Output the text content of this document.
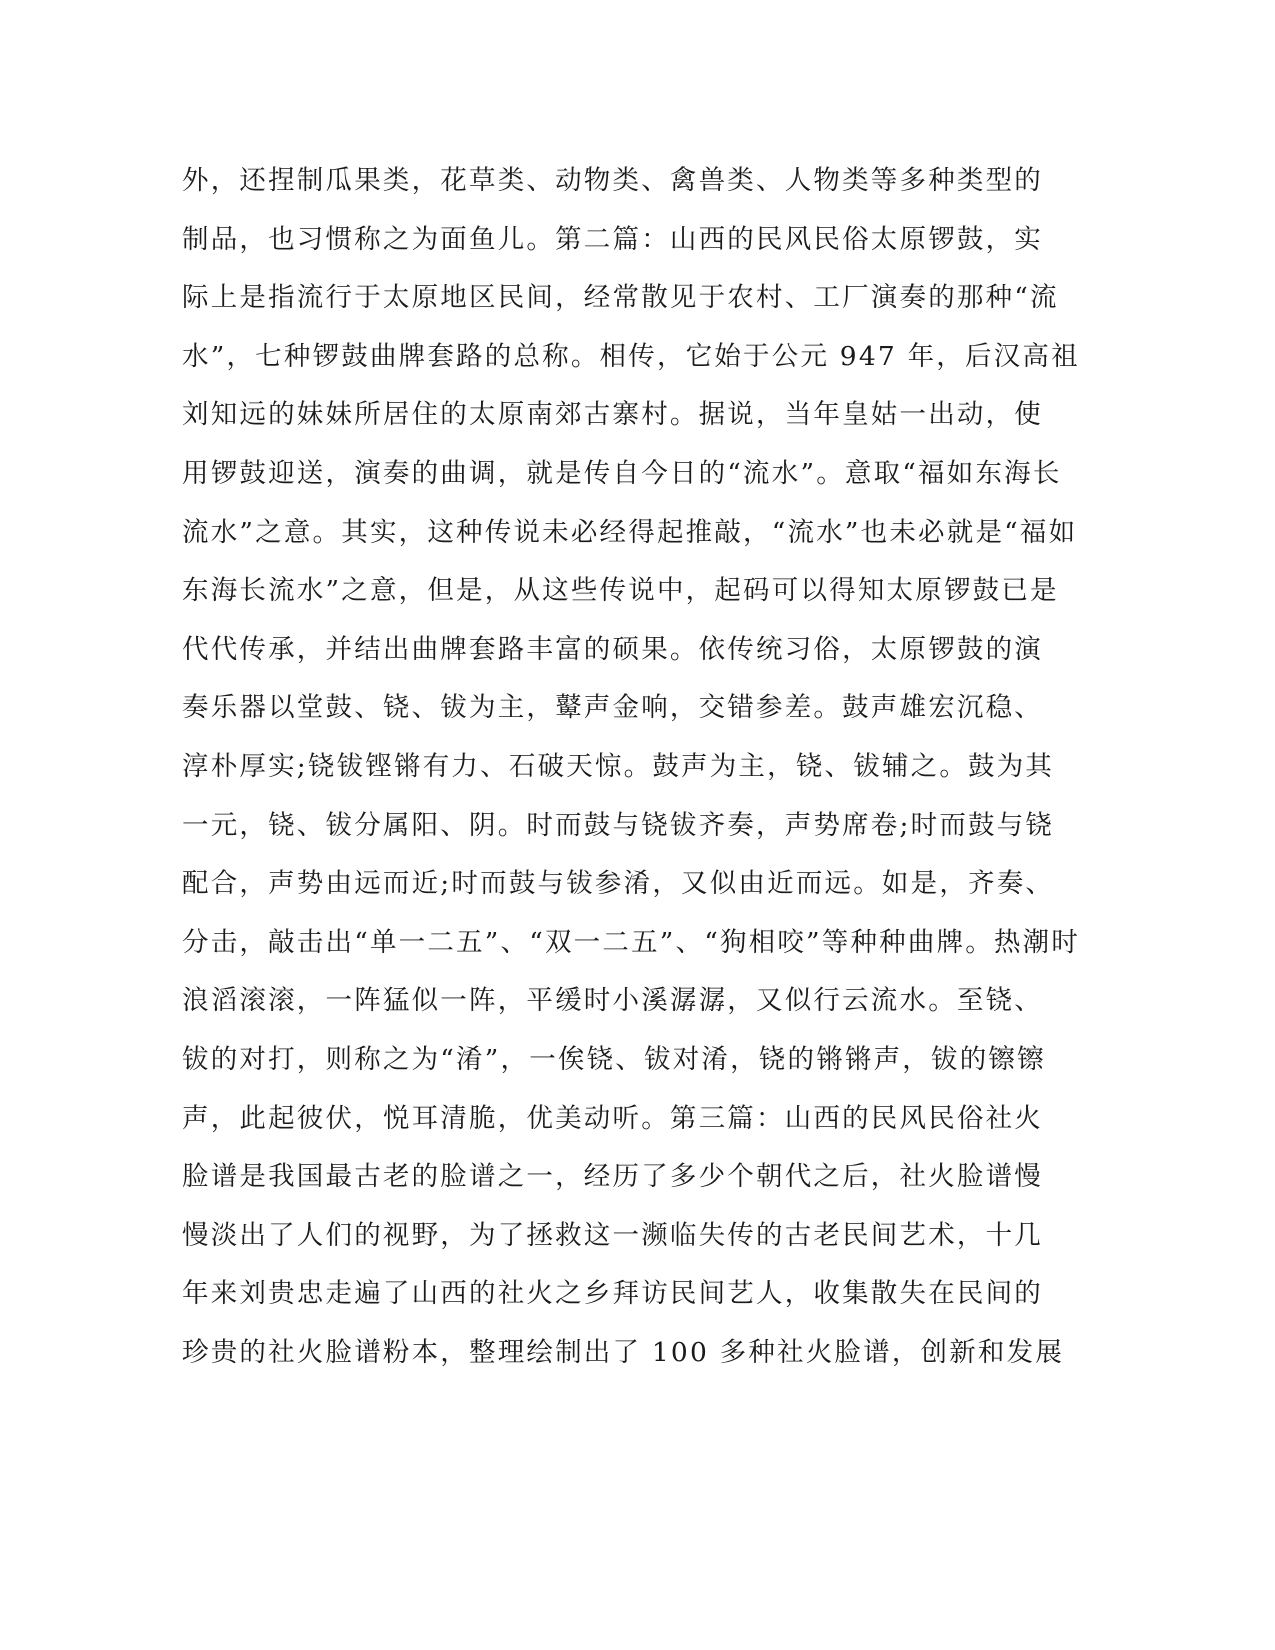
外，还捏制瓜果类，花草类、动物类、禽兽类、人物类等多种类型的
制品，也习惯称之为面鱼儿。第二篇：山西的民风民俗太原锣鼓，实
际上是指流行于太原地区民间，经常散见于农村、工厂演奏的那种“流
水”，七种锣鼓曲牌套路的总称。相传，它始于公元 947 年，后汉高祖
刘知远的妹妹所居住的太原南郊古寨村。据说，当年皇姑一出动，使
用锣鼓迎送，演奏的曲调，就是传自今日的“流水”。意取“福如东海长
流水”之意。其实，这种传说未必经得起推敲，“流水”也未必就是“福如
东海长流水”之意，但是，从这些传说中，起码可以得知太原锣鼓已是
代代传承，并结出曲牌套路丰富的硕果。依传统习俗，太原锣鼓的演
奏乐器以堂鼓、铙、钹为主，鼙声金响，交错参差。鼓声雄宏沉稳、
淳朴厚实;铙钹铿锵有力、石破天惊。鼓声为主，铙、钹辅之。鼓为其
一元，铙、钹分属阳、阴。时而鼓与铙钹齐奏，声势席卷;时而鼓与铙
配合，声势由远而近;时而鼓与钹参淆，又似由近而远。如是，齐奏、
分击，敲击出“单一二五”、“双一二五”、“狗相咬”等种种曲牌。热潮时
浪滔滚滚，一阵猛似一阵，平缓时小溪潺潺，又似行云流水。至铙、
钹的对打，则称之为“淆”，一俟铙、钹对淆，铙的锵锵声，钹的镲镲
声，此起彼伏，悦耳清脆，优美动听。第三篇：山西的民风民俗社火
脸谱是我国最古老的脸谱之一，经历了多少个朝代之后，社火脸谱慢
慢淡出了人们的视野，为了拯救这一濒临失传的古老民间艺术，十几
年来刘贵忠走遍了山西的社火之乡拜访民间艺人，收集散失在民间的
珍贵的社火脸谱粉本，整理绘制出了 100 多种社火脸谱，创新和发展
